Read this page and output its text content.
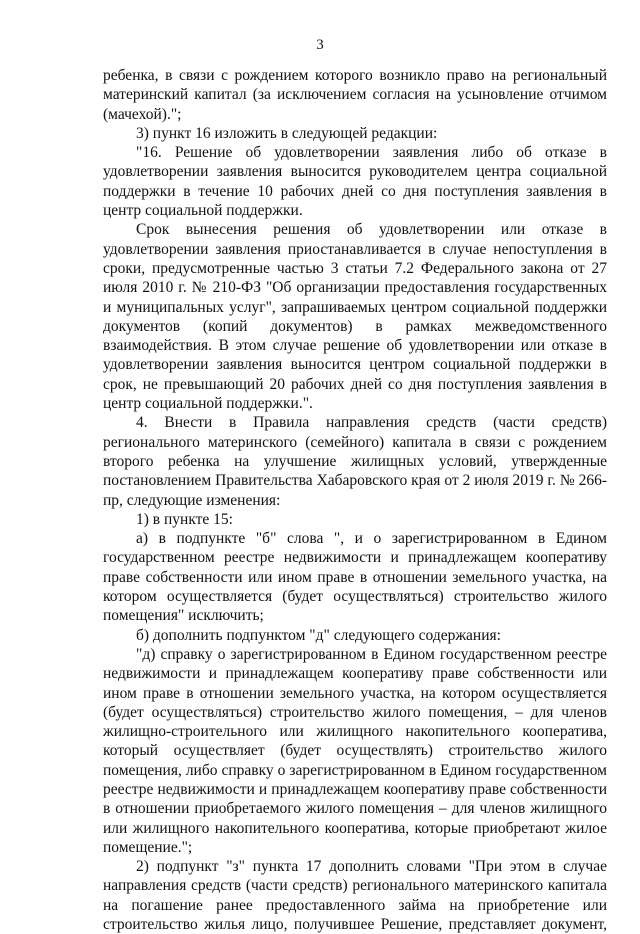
3

ребенка, в связи с рождением которого возникло право на региональный материнский капитал (за исключением согласия на усыновление отчимом (мачехой).";

3) пункт 16 изложить в следующей редакции:

"16. Решение об удовлетворении заявления либо об отказе в удовлетворении заявления выносится руководителем центра социальной поддержки в течение 10 рабочих дней со дня поступления заявления в центр социальной поддержки.

Срок вынесения решения об удовлетворении или отказе в удовлетворении заявления приостанавливается в случае непоступления в сроки, предусмотренные частью 3 статьи 7.2 Федерального закона от 27 июля 2010 г. № 210-ФЗ "Об организации предоставления государственных и муниципальных услуг", запрашиваемых центром социальной поддержки документов (копий документов) в рамках межведомственного взаимодействия. В этом случае решение об удовлетворении или отказе в удовлетворении заявления выносится центром социальной поддержки в срок, не превышающий 20 рабочих дней со дня поступления заявления в центр социальной поддержки.".

4. Внести в Правила направления средств (части средств) регионального материнского (семейного) капитала в связи с рождением второго ребенка на улучшение жилищных условий, утвержденные постановлением Правительства Хабаровского края от 2 июля 2019 г. № 266-пр, следующие изменения:

1) в пункте 15:

а) в подпункте "б" слова ", и о зарегистрированном в Едином государственном реестре недвижимости и принадлежащем кооперативу праве собственности или ином праве в отношении земельного участка, на котором осуществляется (будет осуществляться) строительство жилого помещения" исключить;

б) дополнить подпунктом "д" следующего содержания:

"д) справку о зарегистрированном в Едином государственном реестре недвижимости и принадлежащем кооперативу праве собственности или ином праве в отношении земельного участка, на котором осуществляется (будет осуществляться) строительство жилого помещения, – для членов жилищно-строительного или жилищного накопительного кооператива, который осуществляет (будет осуществлять) строительство жилого помещения, либо справку о зарегистрированном в Едином государственном реестре недвижимости и принадлежащем кооперативу праве собственности в отношении приобретаемого жилого помещения – для членов жилищного или жилищного накопительного кооператива, которые приобретают жилое помещение.";

2) подпункт "з" пункта 17 дополнить словами "При этом в случае направления средств (части средств) регионального материнского капитала на погашение ранее предоставленного займа на приобретение или строительство жилья лицо, получившее Решение, представляет документ,
